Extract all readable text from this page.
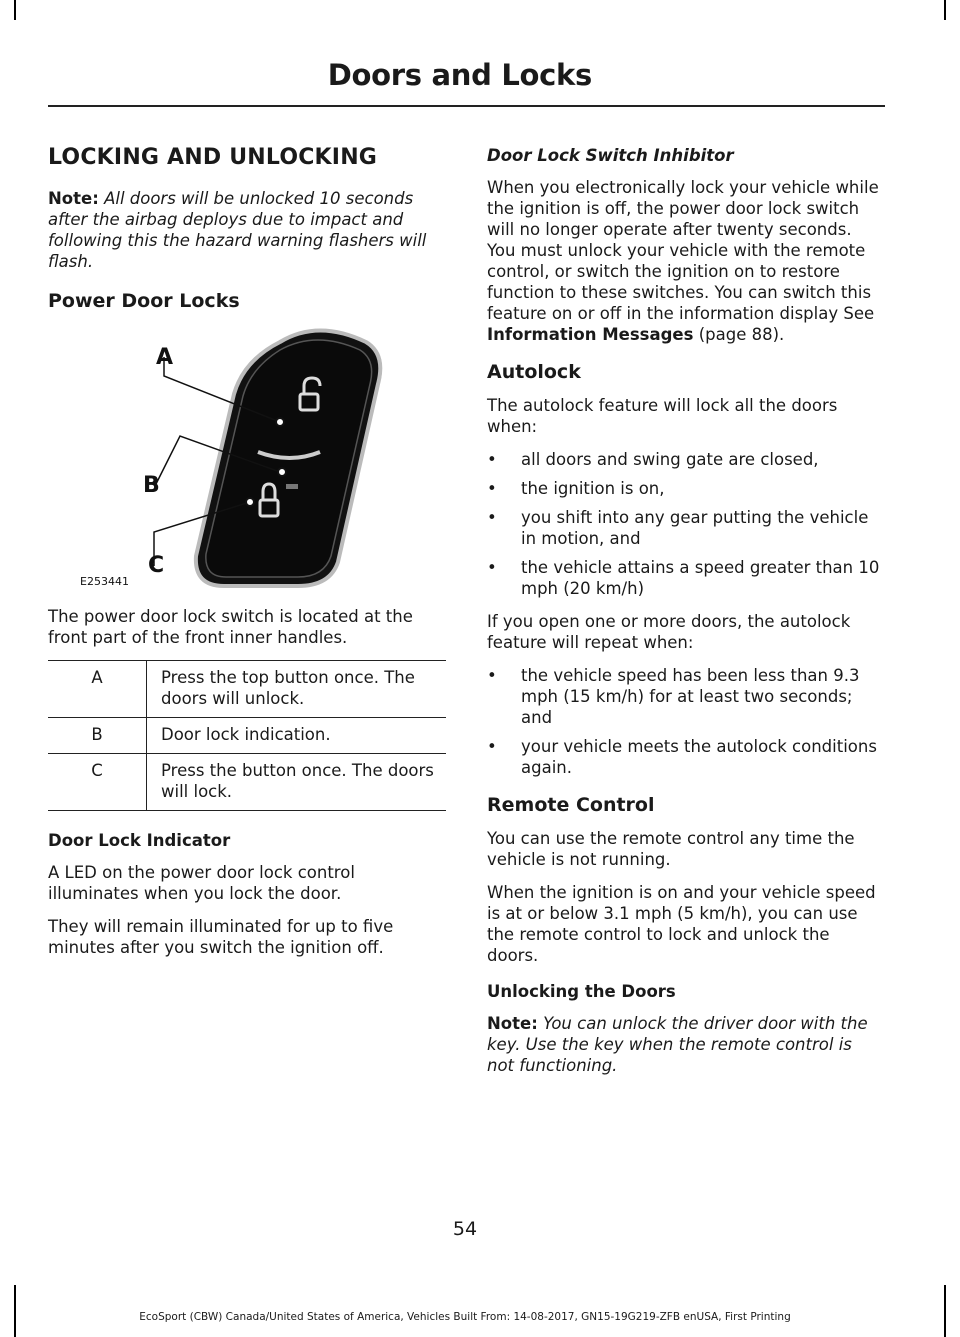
Doors and Locks
LOCKING AND UNLOCKING

Note: All doors will be unlocked 10 seconds after the airbag deploys due to impact and following this the hazard warning flashers will flash.

Power Door Locks
A
B
C
E253441

The power door lock switch is located at the front part of the front inner handles.

A	Press the top button once. The doors will unlock.
B	Door lock indication.
C	Press the button once. The doors will lock.
Door Lock Indicator

A LED on the power door lock control illuminates when you lock the door.

They will remain illuminated for up to five minutes after you switch the ignition off.

Door Lock Switch Inhibitor

When you electronically lock your vehicle while the ignition is off, the power door lock switch will no longer operate after twenty seconds. You must unlock your vehicle with the remote control, or switch the ignition on to restore function to these switches. You can switch this feature on or off in the information display See Information Messages (page 88).

Autolock

The autolock feature will lock all the doors when:

• all doors and swing gate are closed,
• the ignition is on,
• you shift into any gear putting the vehicle in motion, and
• the vehicle attains a speed greater than 10 mph (20 km/h)

If you open one or more doors, the autolock feature will repeat when:

• the vehicle speed has been less than 9.3 mph (15 km/h) for at least two seconds; and
• your vehicle meets the autolock conditions again.
Remote Control

You can use the remote control any time the vehicle is not running.

When the ignition is on and your vehicle speed is at or below 3.1 mph (5 km/h), you can use the remote control to lock and unlock the doors.

Unlocking the Doors

Note: You can unlock the driver door with the key. Use the key when the remote control is not functioning.

54
EcoSport (CBW) Canada/United States of America, Vehicles Built From: 14-08-2017, GN15-19G219-ZFB enUSA, First Printing
